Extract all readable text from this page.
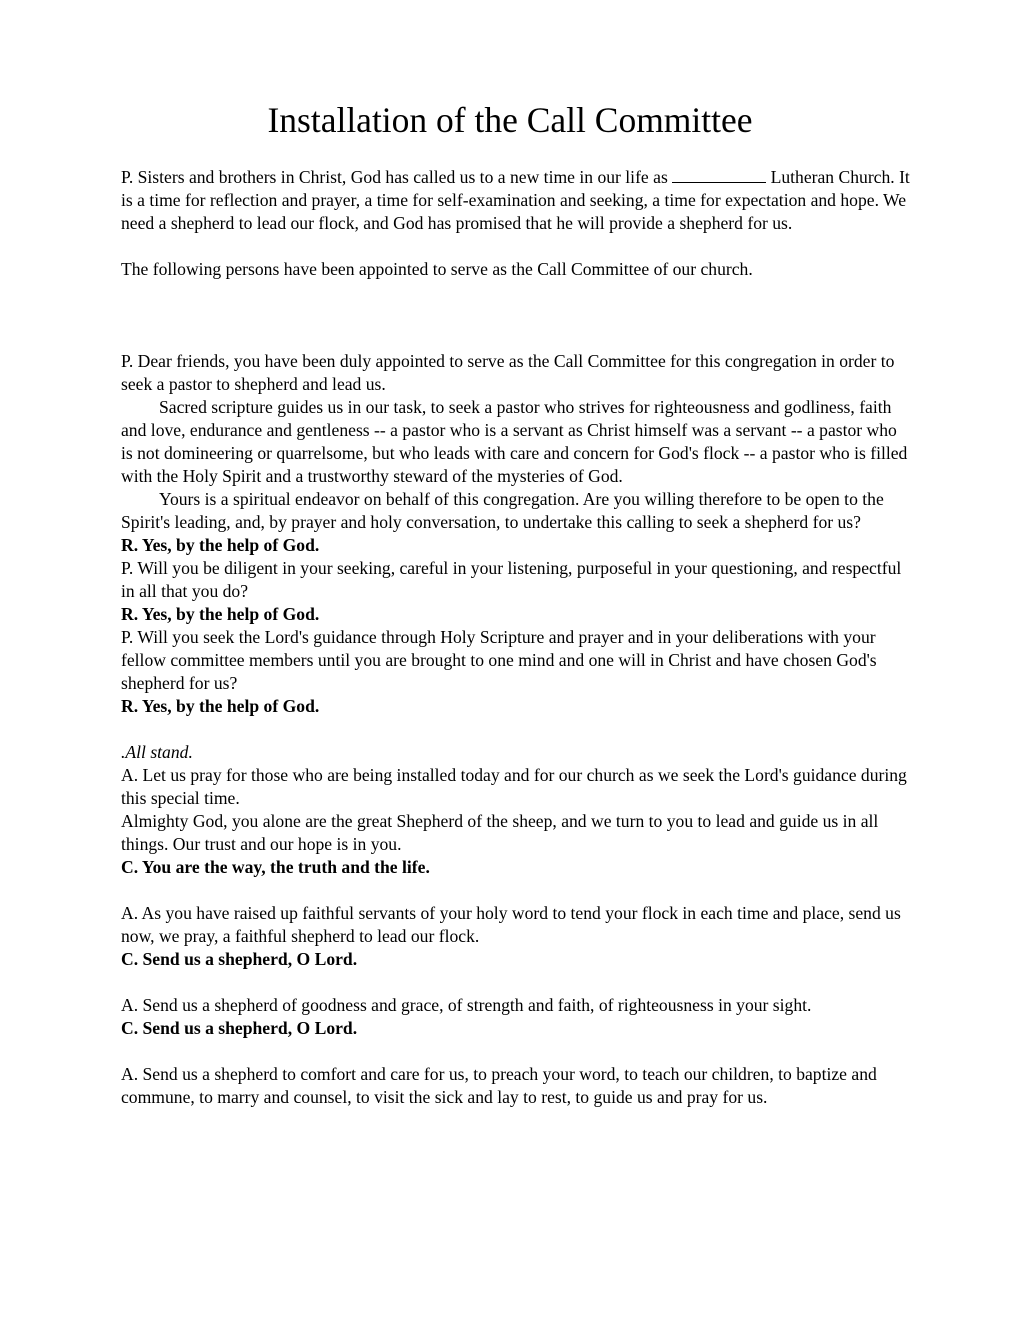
Installation of the Call Committee

P. Sisters and brothers in Christ, God has called us to a new time in our life as	Lutheran Church. It is a time for reflection and prayer, a time for self-examination and seeking, a time for expectation and hope. We need a shepherd to lead our flock, and God has promised that he will provide a shepherd for us.

The following persons have been appointed to serve as the Call Committee of our church.

P. Dear friends, you have been duly appointed to serve as the Call Committee for this congregation in order to seek a pastor to shepherd and lead us.

Sacred scripture guides us in our task, to seek a pastor who strives for righteousness and godliness, faith and love, endurance and gentleness -- a pastor who is a servant as Christ himself was a servant -- a pastor who is not domineering or quarrelsome, but who leads with care and concern for God's flock -- a pastor who is filled with the Holy Spirit and a trustworthy steward of the mysteries of God.

Yours is a spiritual endeavor on behalf of this congregation. Are you willing therefore to be open to the Spirit's leading, and, by prayer and holy conversation, to undertake this calling to seek a shepherd for us?

R. Yes, by the help of God.

P. Will you be diligent in your seeking, careful in your listening, purposeful in your questioning, and respectful in all that you do?

R. Yes, by the help of God.

P. Will you seek the Lord's guidance through Holy Scripture and prayer and in your deliberations with your fellow committee members until you are brought to one mind and one will in Christ and have chosen God's shepherd for us?

R. Yes, by the help of God.

.All stand.

A. Let us pray for those who are being installed today and for our church as we seek the Lord's guidance during this special time.

Almighty God, you alone are the great Shepherd of the sheep, and we turn to you to lead and guide us in all things. Our trust and our hope is in you.

C. You are the way, the truth and the life.

A. As you have raised up faithful servants of your holy word to tend your flock in each time and place, send us now, we pray, a faithful shepherd to lead our flock.

C. Send us a shepherd, O Lord.

A. Send us a shepherd of goodness and grace, of strength and faith, of righteousness in your sight.

C. Send us a shepherd, O Lord.

A. Send us a shepherd to comfort and care for us, to preach your word, to teach our children, to baptize and commune, to marry and counsel, to visit the sick and lay to rest, to guide us and pray for us.
